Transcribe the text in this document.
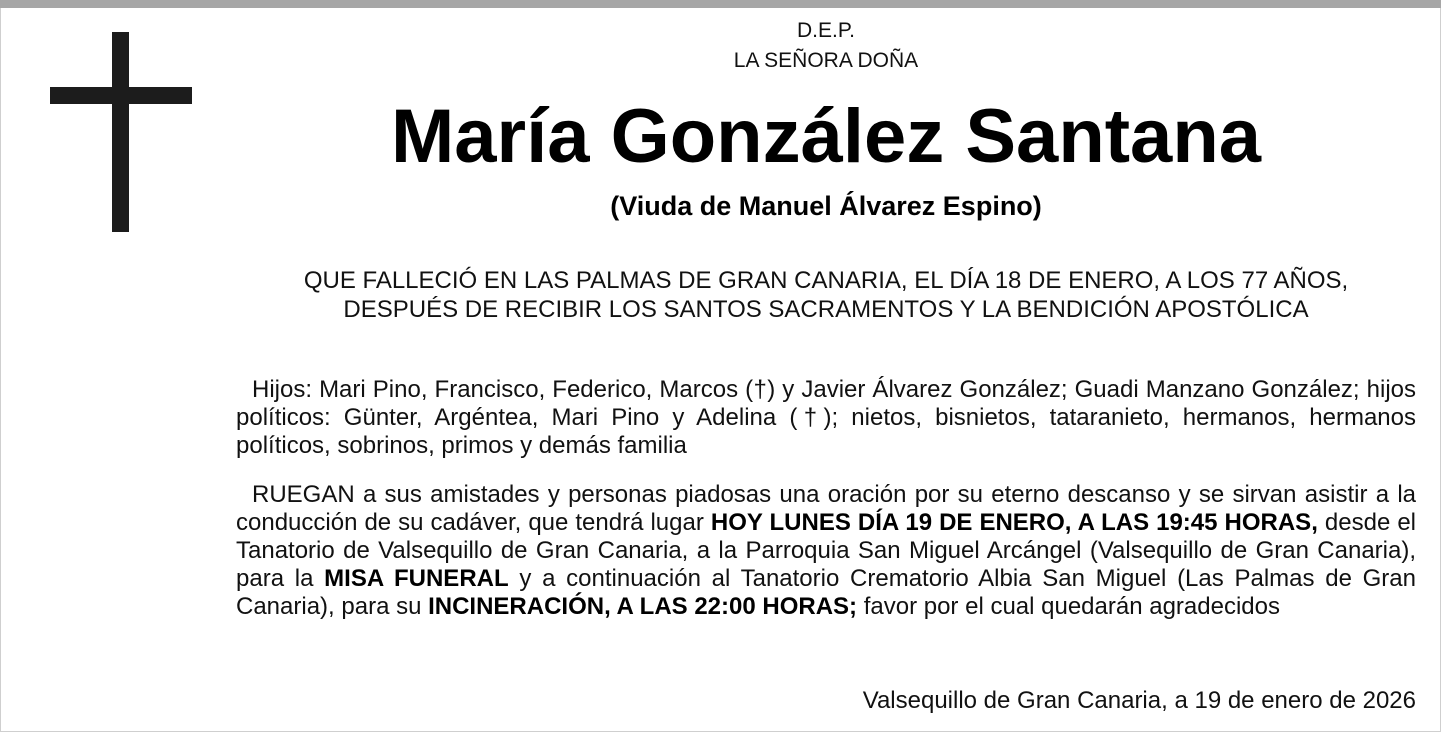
D.E.P.
LA SEÑORA DOÑA
María González Santana
(Viuda de Manuel Álvarez Espino)
QUE FALLECIÓ EN LAS PALMAS DE GRAN CANARIA, EL DÍA 18 DE ENERO, A LOS 77 AÑOS, DESPUÉS DE RECIBIR LOS SANTOS SACRAMENTOS Y LA BENDICIÓN APOSTÓLICA
Hijos: Mari Pino, Francisco, Federico, Marcos (†) y Javier Álvarez González; Guadi Manzano González; hijos políticos: Günter, Argéntea, Mari Pino y Adelina (†); nietos, bisnietos, tataranieto, hermanos, hermanos políticos, sobrinos, primos y demás familia
RUEGAN a sus amistades y personas piadosas una oración por su eterno descanso y se sirvan asistir a la conducción de su cadáver, que tendrá lugar HOY LUNES DÍA 19 DE ENERO, A LAS 19:45 HORAS, desde el Tanatorio de Valsequillo de Gran Canaria, a la Parroquia San Miguel Arcángel (Valsequillo de Gran Canaria), para la MISA FUNERAL y a continuación al Tanatorio Crematorio Albia San Miguel (Las Palmas de Gran Canaria), para su INCINERACIÓN, A LAS 22:00 HORAS; favor por el cual quedarán agradecidos
Valsequillo de Gran Canaria, a 19 de enero de 2026
